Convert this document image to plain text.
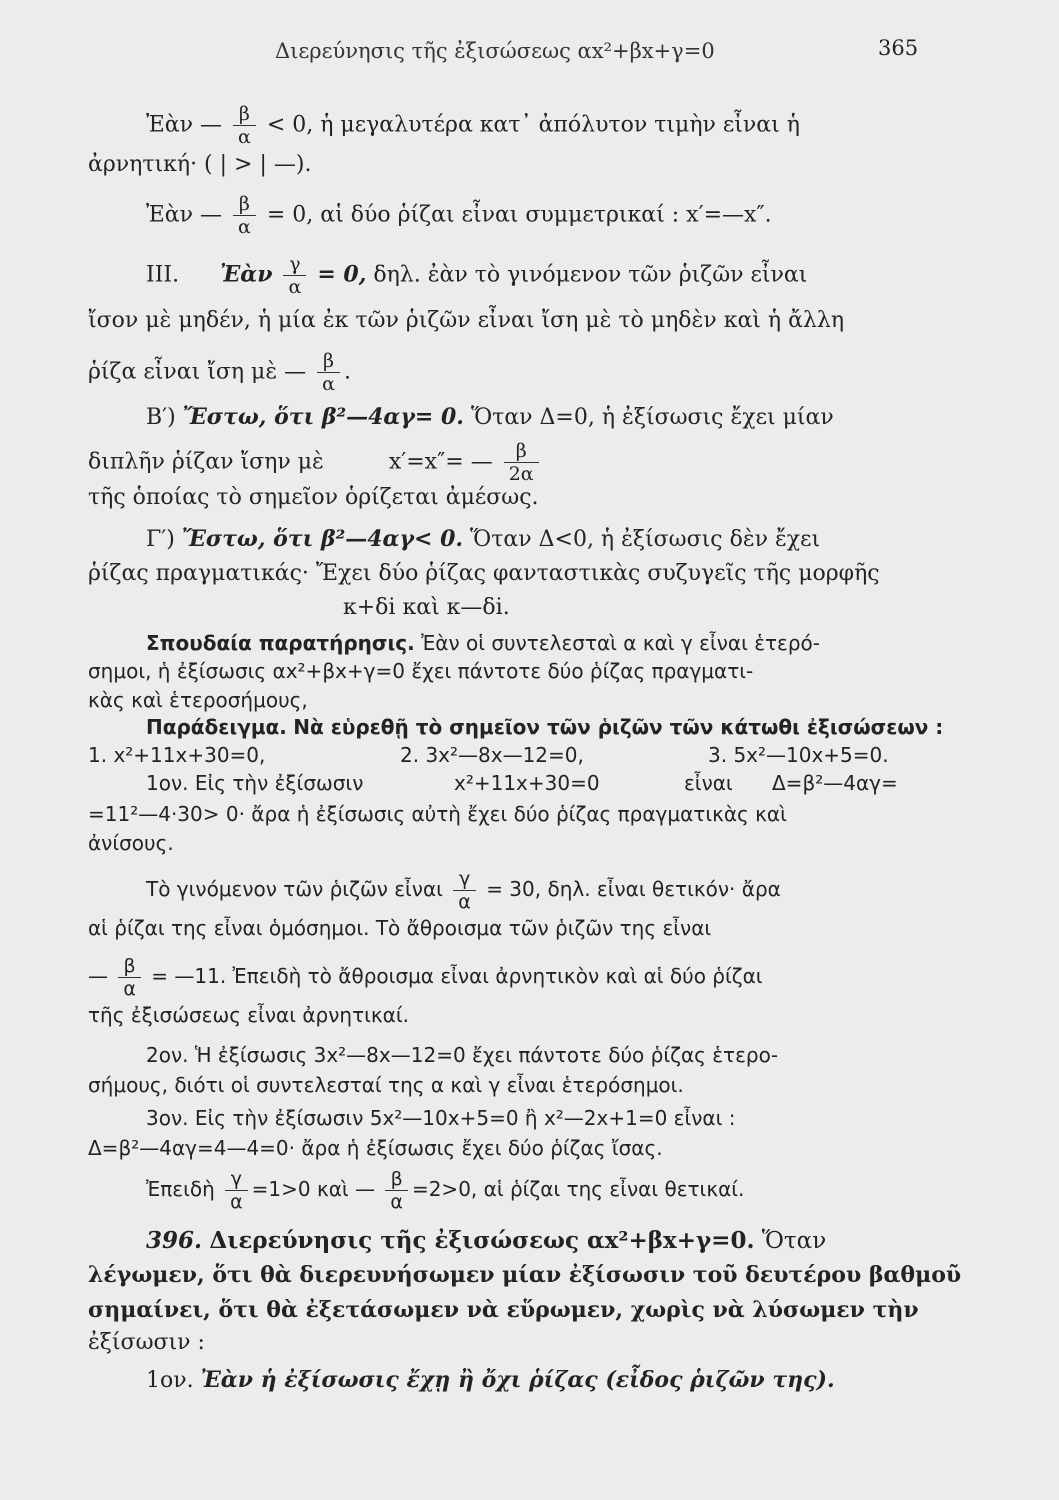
Διερεύνησις τῆς ἐξισώσεως αx²+βx+γ=0	365
Ἐὰν — $\frac{\beta}{\alpha} < 0$, ἡ μεγαλυτέρα κατ᾽ ἀπόλυτον τιμὴν εἶναι ἡ
ἀρνητική· ( | > | —).
Ἐὰν — $\frac{\beta}{\alpha} = 0$, αἱ δύο ῥίζαι εἶναι συμμετρικαί : x′=—x″.
III. Ἐὰν $\frac{\gamma}{\alpha} = 0$, δηλ. ἐὰν τὸ γινόμενον τῶν ῥιζῶν εἶναι
ἴσον μὲ μηδέν, ἡ μία ἐκ τῶν ῥιζῶν εἶναι ἴση μὲ τὸ μηδὲν καὶ ἡ ἄλλη
ῥίζα εἶναι ἴση μὲ — $\frac{\beta}{\alpha}$ .
Β′) Ἔστω, ὅτι β²—4αγ= 0. Ὅταν Δ=0, ἡ ἐξίσωσις ἔχει μίαν
διπλῆν ῥίζαν ἴσην μὲ	x′=x″= — $\frac{\beta}{2\alpha}$
τῆς ὁποίας τὸ σημεῖον ὁρίζεται ἀμέσως.
Γ′) Ἔστω, ὅτι β²—4αγ< 0. Ὅταν Δ<0, ἡ ἐξίσωσις δὲν ἔχει
ῥίζας πραγματικάς· Ἔχει δύο ῥίζας φανταστικὰς συζυγεῖς τῆς μορφῆς
κ+δi καὶ κ—δi.
Σπουδαία παρατήρησις. Ἐὰν οἱ συντελεσταὶ α καὶ γ εἶναι ἑτερό-
σημοι, ἡ ἐξίσωσις αx²+βx+γ=0 ἔχει πάντοτε δύο ῥίζας πραγματι-
κὰς καὶ ἑτεροσήμους,
Παράδειγμα. Νὰ εὑρεθῇ τὸ σημεῖον τῶν ῥιζῶν τῶν κάτωθι ἐξισώσεων :
1. x²+11x+30=0,	2. 3x²—8x—12=0,	3. 5x²—10x+5=0.
1ον. Εἰς τὴν ἐξίσωσιν	x²+11x+30=0	εἶναι Δ=β²—4αγ=
=11²—4·30> 0· ἄρα ἡ ἐξίσωσις αὐτὴ ἔχει δύο ῥίζας πραγματικὰς καὶ
ἀνίσους.
Τὸ γινόμενον τῶν ῥιζῶν εἶναι $\frac{\gamma}{\alpha} = 30$, δηλ. εἶναι θετικόν· ἄρα
αἱ ῥίζαι της εἶναι ὁμόσημοι. Τὸ ἄθροισμα τῶν ῥιζῶν της εἶναι
— $\frac{\beta}{\alpha}$ = —11. Ἐπειδὴ τὸ ἄθροισμα εἶναι ἀρνητικὸν καὶ αἱ δύο ῥίζαι
τῆς ἐξισώσεως εἶναι ἀρνητικαί.
2ον. Ἡ ἐξίσωσις 3x²—8x—12=0 ἔχει πάντοτε δύο ῥίζας ἑτερο-
σήμους, διότι οἱ συντελεσταί της α καὶ γ εἶναι ἑτερόσημοι.
3ον. Εἰς τὴν ἐξίσωσιν 5x²—10x+5=0 ἢ x²—2x+1=0 εἶναι :
Δ=β²—4αγ=4—4=0· ἄρα ἡ ἐξίσωσις ἔχει δύο ῥίζας ἴσας.
Ἐπειδὴ $\frac{\gamma}{\alpha} =1>0$ καὶ — $\frac{\beta}{\alpha} =2>0$, αἱ ῥίζαι της εἶναι θετικαί.
396. Διερεύνησις τῆς ἐξισώσεως αx²+βx+γ=0. Ὅταν
λέγωμεν, ὅτι θὰ διερευνήσωμεν μίαν ἐξίσωσιν τοῦ δευτέρου βαθμοῦ
σημαίνει, ὅτι θὰ ἐξετάσωμεν νὰ εὕρωμεν, χωρὶς νὰ λύσωμεν τὴν
ἐξίσωσιν :
1ον. Ἐὰν ἡ ἐξίσωσις ἔχῃ ἢ ὄχι ῥίζας (εἶδος ῥιζῶν της).
